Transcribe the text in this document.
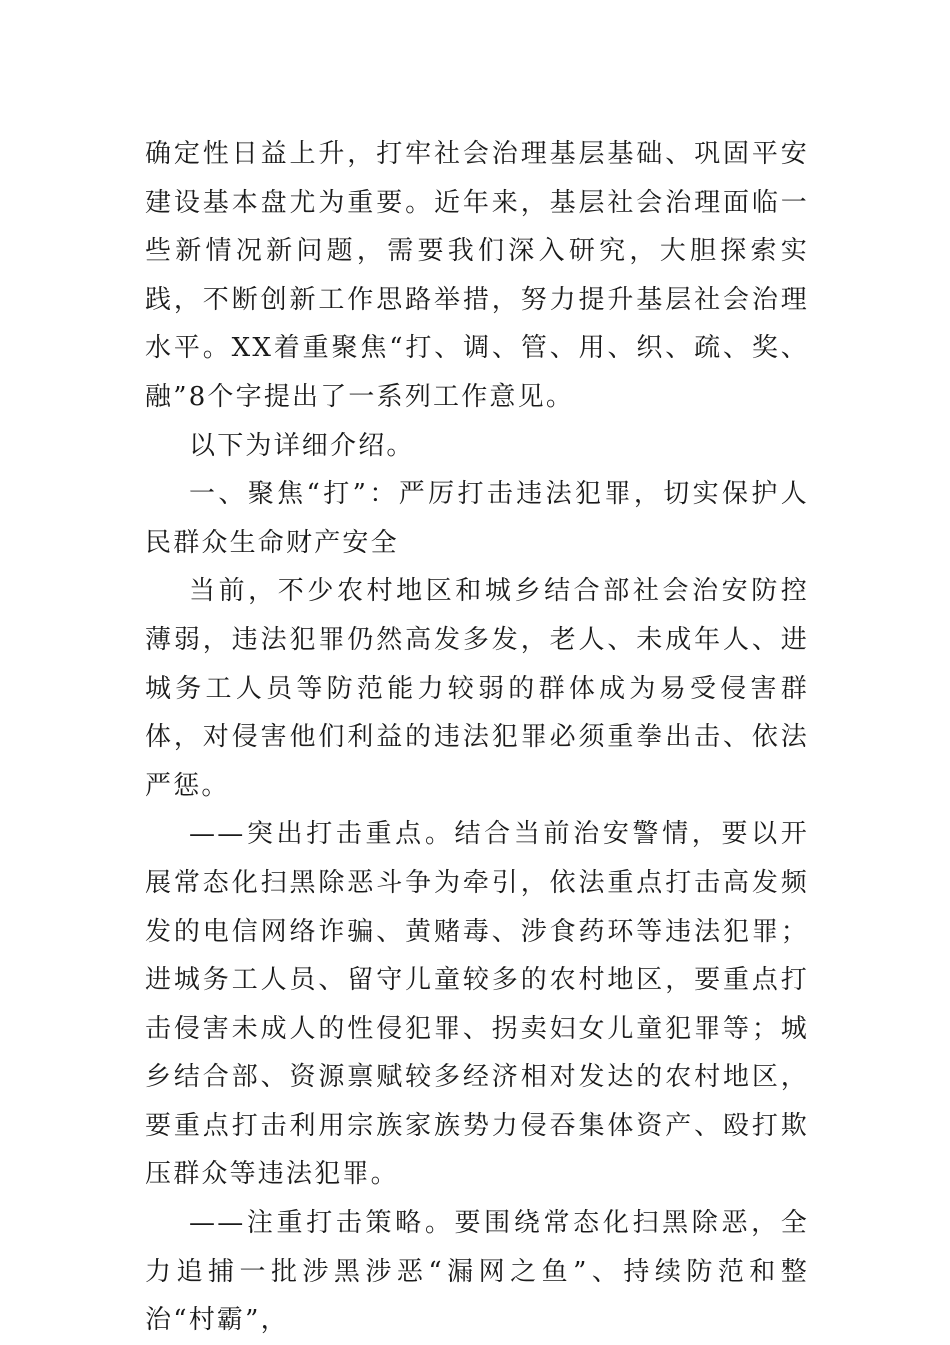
确定性日益上升，打牢社会治理基层基础、巩固平安建设基本盘尤为重要。近年来，基层社会治理面临一些新情况新问题，需要我们深入研究，大胆探索实践，不断创新工作思路举措，努力提升基层社会治理水平。XX着重聚焦“打、调、管、用、织、疏、奖、融”8个字提出了一系列工作意见。

以下为详细介绍。

一、聚焦“打”：严厉打击违法犯罪，切实保护人民群众生命财产安全

当前，不少农村地区和城乡结合部社会治安防控薄弱，违法犯罪仍然高发多发，老人、未成年人、进城务工人员等防范能力较弱的群体成为易受侵害群体，对侵害他们利益的违法犯罪必须重拳出击、依法严惩。

——突出打击重点。结合当前治安警情，要以开展常态化扫黑除恶斗争为牵引，依法重点打击高发频发的电信网络诈骗、黄赌毒、涉食药环等违法犯罪；进城务工人员、留守儿童较多的农村地区，要重点打击侵害未成人的性侵犯罪、拐卖妇女儿童犯罪等；城乡结合部、资源禀赋较多经济相对发达的农村地区，要重点打击利用宗族家族势力侵吞集体资产、殴打欺压群众等违法犯罪。

——注重打击策略。要围绕常态化扫黑除恶，全力追捕一批涉黑涉恶“漏网之鱼”、持续防范和整治“村霸”，
